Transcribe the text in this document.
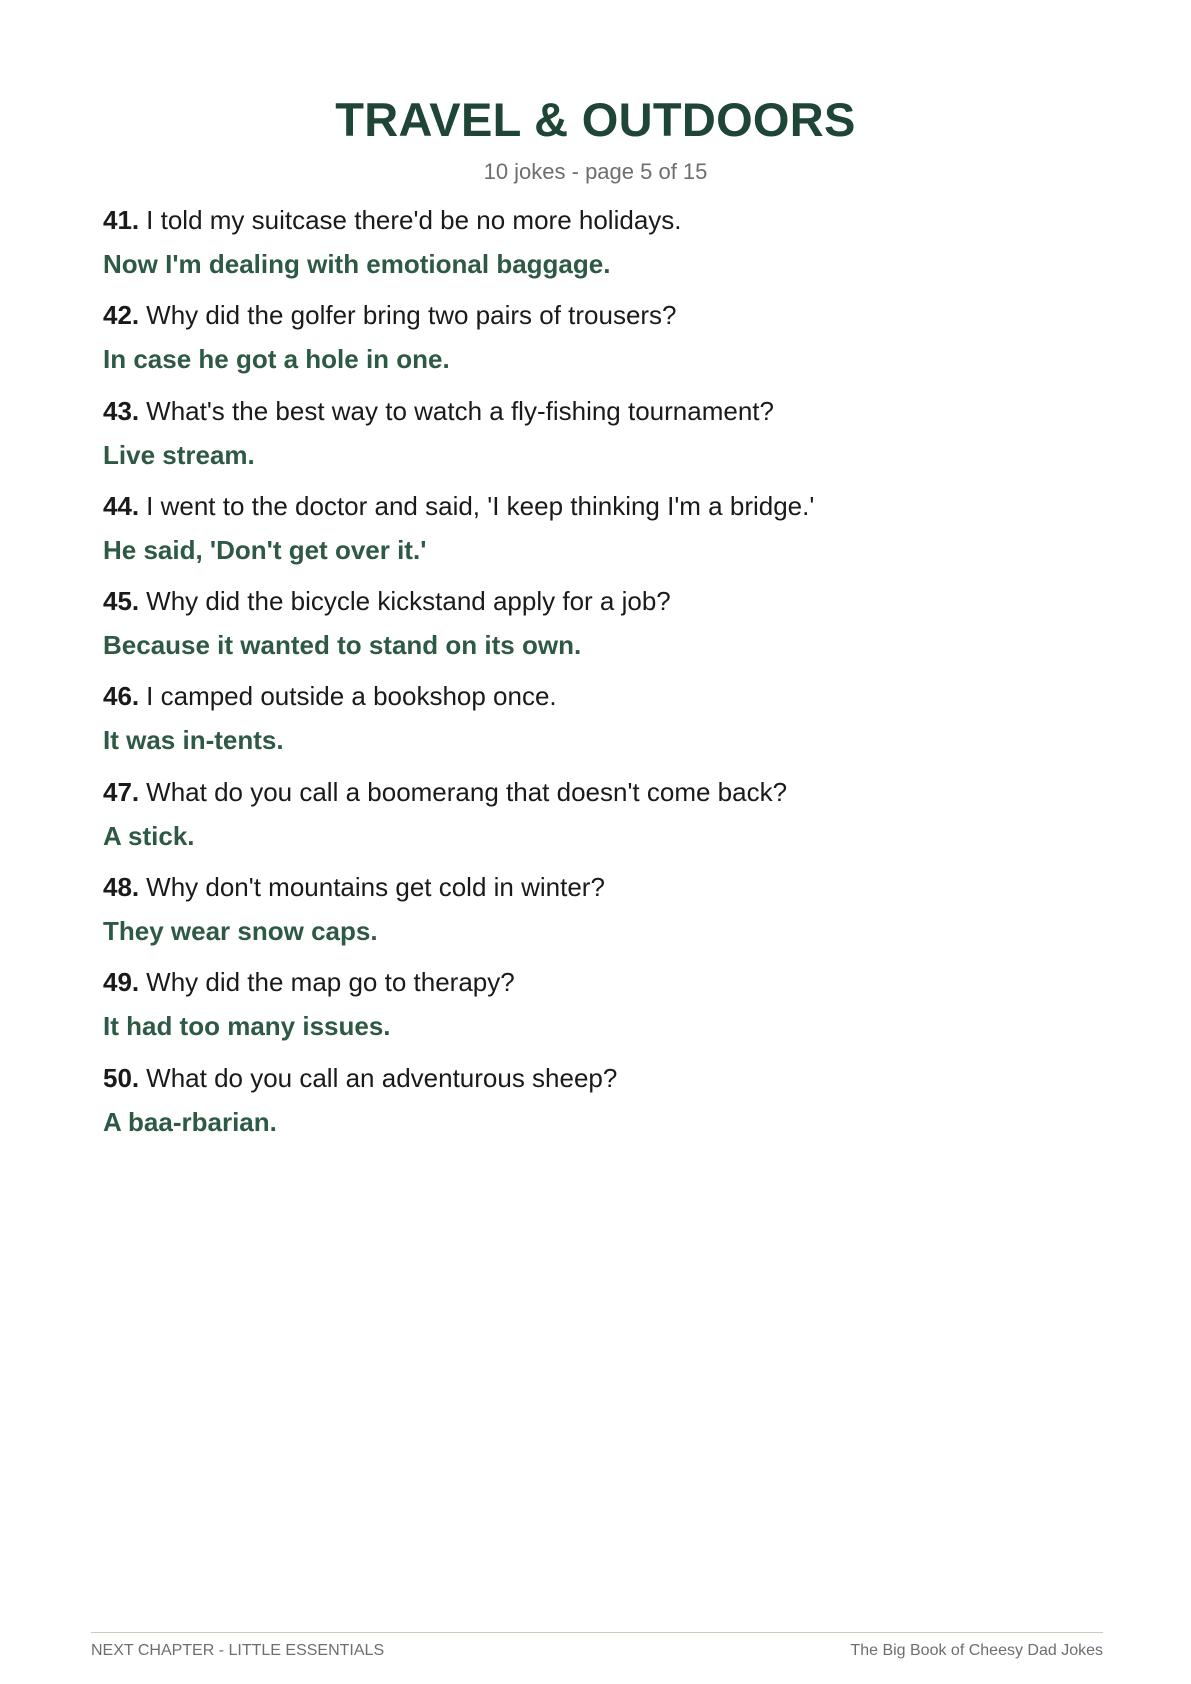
TRAVEL & OUTDOORS
10 jokes - page 5 of 15
41. I told my suitcase there'd be no more holidays.
Now I'm dealing with emotional baggage.
42. Why did the golfer bring two pairs of trousers?
In case he got a hole in one.
43. What's the best way to watch a fly-fishing tournament?
Live stream.
44. I went to the doctor and said, 'I keep thinking I'm a bridge.'
He said, 'Don't get over it.'
45. Why did the bicycle kickstand apply for a job?
Because it wanted to stand on its own.
46. I camped outside a bookshop once.
It was in-tents.
47. What do you call a boomerang that doesn't come back?
A stick.
48. Why don't mountains get cold in winter?
They wear snow caps.
49. Why did the map go to therapy?
It had too many issues.
50. What do you call an adventurous sheep?
A baa-rbarian.
NEXT CHAPTER - LITTLE ESSENTIALS	The Big Book of Cheesy Dad Jokes
